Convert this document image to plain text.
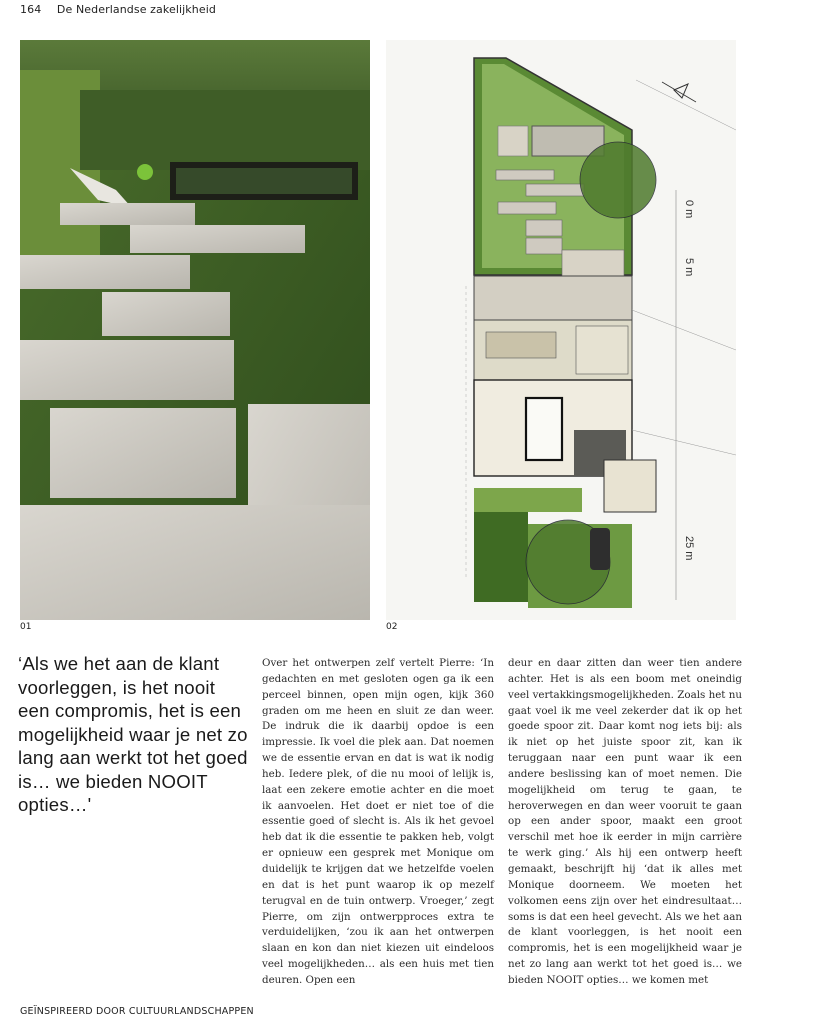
164 De Nederlandse zakelijkheid
01
0 m
5 m
25 m
02
‘Als we het aan de klant voorleggen, is het nooit een compromis, het is een mogelijkheid waar je net zo lang aan werkt tot het goed is… we bieden NOOIT opties…'

Over het ontwerpen zelf vertelt Pierre: ‘In gedachten en met gesloten ogen ga ik een perceel binnen, open mijn ogen, kijk 360 graden om me heen en sluit ze dan weer. De indruk die ik daarbij opdoe is een impressie. Ik voel die plek aan. Dat noemen we de essentie ervan en dat is wat ik nodig heb. Iedere plek, of die nu mooi of lelijk is, laat een zekere emotie achter en die moet ik aanvoelen. Het doet er niet toe of die essentie goed of slecht is. Als ik het gevoel heb dat ik die essentie te pakken heb, volgt er opnieuw een gesprek met Monique om duidelijk te krijgen dat we hetzelfde voelen en dat is het punt waarop ik op mezelf terugval en de tuin ontwerp. Vroeger,’ zegt Pierre, om zijn ontwerpproces extra te verduidelijken, ‘zou ik aan het ontwerpen slaan en kon dan niet kiezen uit eindeloos veel mogelijkheden… als een huis met tien deuren. Open een

deur en daar zitten dan weer tien andere achter. Het is als een boom met oneindig veel vertakkingsmogelijkheden. Zoals het nu gaat voel ik me veel zekerder dat ik op het goede spoor zit. Daar komt nog iets bij: als ik niet op het juiste spoor zit, kan ik teruggaan naar een punt waar ik een andere beslissing kan of moet nemen. Die mogelijkheid om terug te gaan, te heroverwegen en dan weer vooruit te gaan op een ander spoor, maakt een groot verschil met hoe ik eerder in mijn carrière te werk ging.’ Als hij een ontwerp heeft gemaakt, beschrijft hij ‘dat ik alles met Monique doorneem. We moeten het volkomen eens zijn over het eindresultaat… soms is dat een heel gevecht. Als we het aan de klant voorleggen, is het nooit een compromis, het is een mogelijkheid waar je net zo lang aan werkt tot het goed is… we bieden NOOIT opties… we komen met

GEÏNSPIREERD DOOR CULTUURLANDSCHAPPEN
